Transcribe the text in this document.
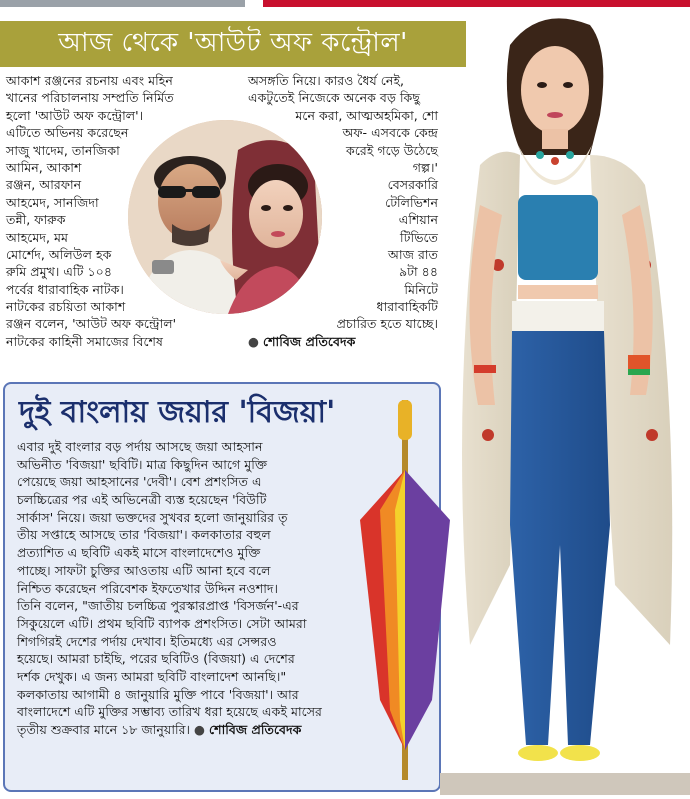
আজ থেকে 'আউট অফ কন্ট্রোল'
আকাশ রঞ্জনের রচনায় এবং মহিন
খানের পরিচালনায় সম্প্রতি নির্মিত
হলো 'আউট অফ কন্ট্রোল'।
এটিতে অভিনয় করেছেন
সাজু খাদেম, তানজিকা
আমিন, আকাশ
রঞ্জন, আরফান
আহমেদ, সানজিদা
তন্নী, ফারুক
আহমেদ, মম
মোর্শেদ, অলিউল হক
রুমি প্রমুখ। এটি ১০৪
পর্বের ধারাবাহিক নাটক।
নাটকের রচয়িতা আকাশ
রঞ্জন বলেন, 'আউট অফ কন্ট্রোল'
নাটকের কাহিনী সমাজের বিশেষ
অসঙ্গতি নিয়ে। কারও ধৈর্য নেই,
একটুতেই নিজেকে অনেক বড় কিছু
মনে করা, আত্মঅহমিকা, শো
অফ- এসবকে কেন্দ্র
করেই গড়ে উঠেছে
গল্প।'
বেসরকারি
টেলিভিশন
এশিয়ান
টিভিতে
আজ রাত
৯টা ৪৪
মিনিটে
ধারাবাহিকটি
প্রচারিত হতে যাচ্ছে।
● শোবিজ প্রতিবেদক
দুই বাংলায় জয়ার 'বিজয়া'
এবার দুই বাংলার বড় পর্দায় আসছে জয়া আহসান
অভিনীত 'বিজয়া' ছবিটি। মাত্র কিছুদিন আগে মুক্তি
পেয়েছে জয়া আহসানের 'দেবী'। বেশ প্রশংসিত এ
চলচ্চিত্রের পর এই অভিনেত্রী ব্যস্ত হয়েছেন 'বিউটি
সার্কাস' নিয়ে। জয়া ভক্তদের সুখবর হলো জানুয়ারির তৃ
তীয় সপ্তাহে আসছে তার 'বিজয়া'। কলকাতার বহুল
প্রত্যাশিত এ ছবিটি একই মাসে বাংলাদেশেও মুক্তি
পাচ্ছে। সাফটা চুক্তির আওতায় এটি আনা হবে বলে
নিশ্চিত করেছেন পরিবেশক ইফতেখার উদ্দিন নওশাদ।
তিনি বলেন, "জাতীয় চলচ্চিত্র পুরস্কারপ্রাপ্ত 'বিসর্জন'-এর
সিকুয়েলে এটি। প্রথম ছবিটি ব্যাপক প্রশংসিত। সেটা আমরা
শিগগিরই দেশের পর্দায় দেখাব। ইতিমধ্যে এর সেন্সরও
হয়েছে। আমরা চাইছি, পরের ছবিটিও (বিজয়া) এ দেশের
দর্শক দেখুক। এ জন্য আমরা ছবিটি বাংলাদেশ আনছি।"
কলকাতায় আগামী ৪ জানুয়ারি মুক্তি পাবে 'বিজয়া'। আর
বাংলাদেশে এটি মুক্তির সম্ভাব্য তারিখ ধরা হয়েছে একই মাসের
তৃতীয় শুক্রবার মানে ১৮ জানুয়ারি। ● শোবিজ প্রতিবেদক
